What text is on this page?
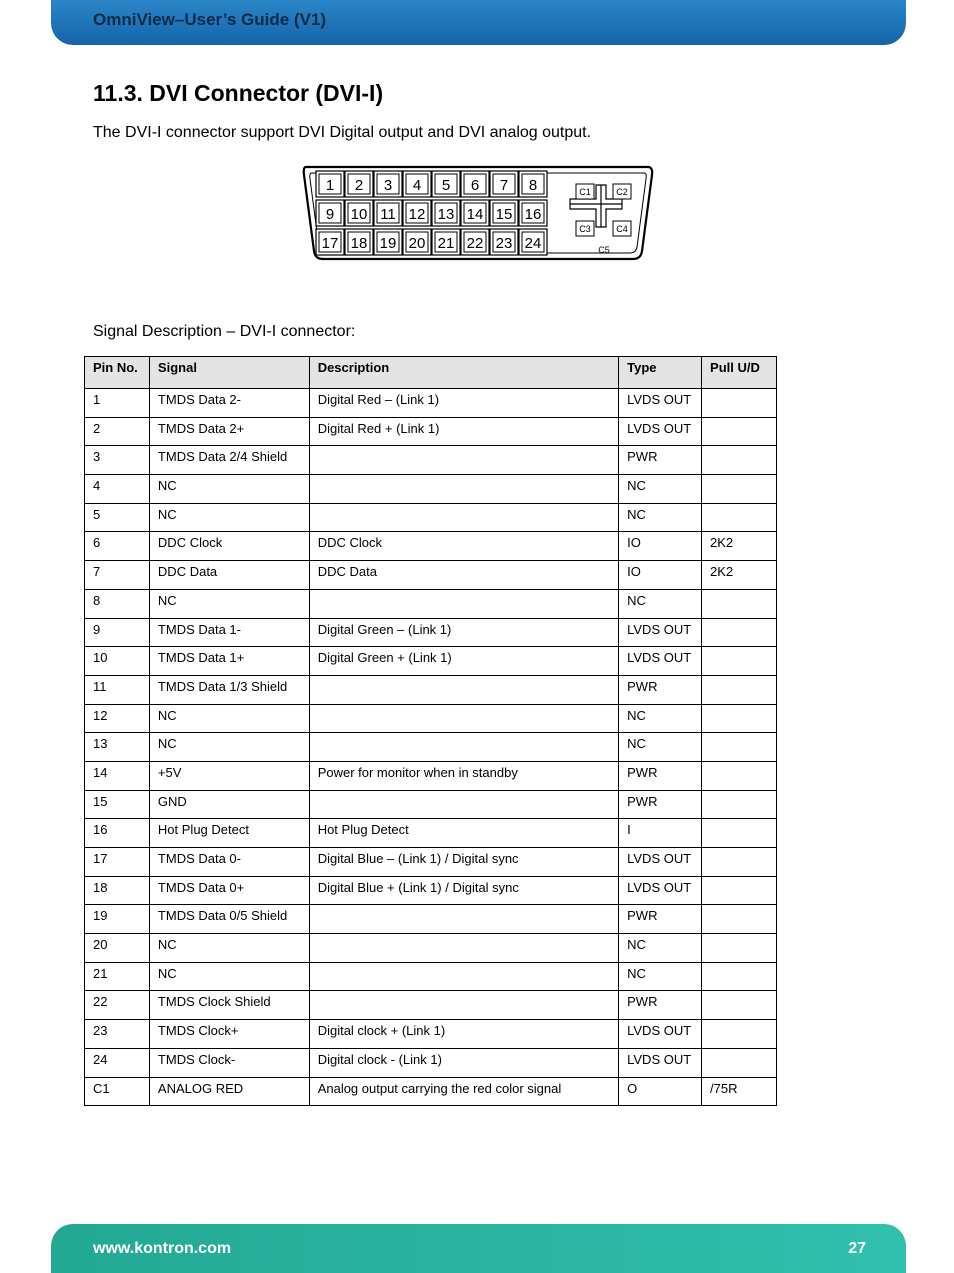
OmniView–User’s Guide (V1)
11.3. DVI Connector (DVI-I)

The DVI-I connector support DVI Digital output and DVI analog output.

1 2 3 4 5 6 7 8
9 10 11 12 13 14 15 16
17 18 19 20 21 22 23 24
C1	C2
C3	C4
C5

Signal Description – DVI-I connector:

Pin No.	Signal	Description	Type	Pull U/D
1	TMDS Data 2-	Digital Red – (Link 1)	LVDS OUT	
2	TMDS Data 2+	Digital Red + (Link 1)	LVDS OUT	
3	TMDS Data 2/4 Shield		PWR	
4	NC		NC	
5	NC		NC	
6	DDC Clock	DDC Clock	IO	2K2
7	DDC Data	DDC Data	IO	2K2
8	NC		NC	
9	TMDS Data 1-	Digital Green – (Link 1)	LVDS OUT	
10	TMDS Data 1+	Digital Green + (Link 1)	LVDS OUT	
11	TMDS Data 1/3 Shield		PWR	
12	NC		NC	
13	NC		NC	
14	+5V	Power for monitor when in standby	PWR	
15	GND		PWR	
16	Hot Plug Detect	Hot Plug Detect	I	
17	TMDS Data 0-	Digital Blue – (Link 1) / Digital sync	LVDS OUT	
18	TMDS Data 0+	Digital Blue + (Link 1) / Digital sync	LVDS OUT	
19	TMDS Data 0/5 Shield		PWR	
20	NC		NC	
21	NC		NC	
22	TMDS Clock Shield		PWR	
23	TMDS Clock+	Digital clock + (Link 1)	LVDS OUT	
24	TMDS Clock-	Digital clock - (Link 1)	LVDS OUT	
C1	ANALOG RED	Analog output carrying the red color signal	O	/75R
www.kontron.com	27
